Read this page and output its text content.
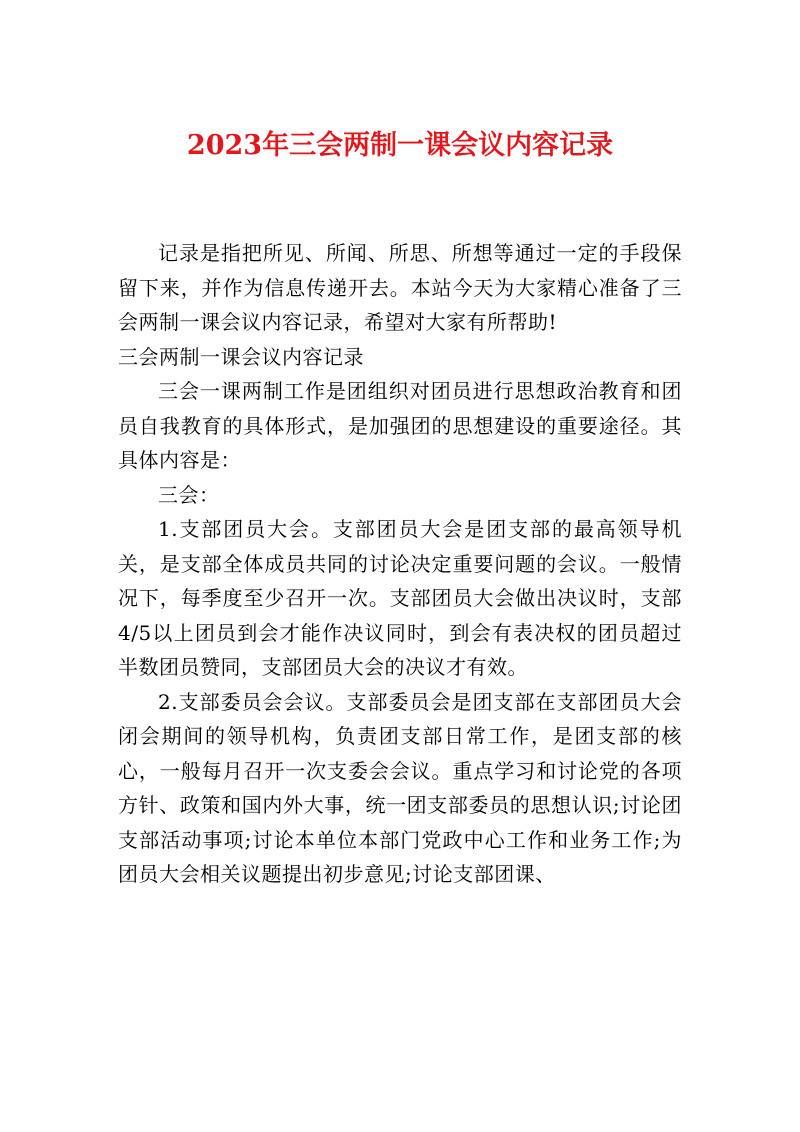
2023年三会两制一课会议内容记录

记录是指把所见、所闻、所思、所想等通过一定的手段保留下来，并作为信息传递开去。本站今天为大家精心准备了三会两制一课会议内容记录，希望对大家有所帮助!

三会两制一课会议内容记录

三会一课两制工作是团组织对团员进行思想政治教育和团员自我教育的具体形式，是加强团的思想建设的重要途径。其具体内容是：

三会：

1.支部团员大会。支部团员大会是团支部的最高领导机关，是支部全体成员共同的讨论决定重要问题的会议。一般情况下，每季度至少召开一次。支部团员大会做出决议时，支部4/5以上团员到会才能作决议同时，到会有表决权的团员超过半数团员赞同，支部团员大会的决议才有效。

2.支部委员会会议。支部委员会是团支部在支部团员大会闭会期间的领导机构，负责团支部日常工作，是团支部的核心，一般每月召开一次支委会会议。重点学习和讨论党的各项方针、政策和国内外大事，统一团支部委员的思想认识;讨论团支部活动事项;讨论本单位本部门党政中心工作和业务工作;为团员大会相关议题提出初步意见;讨论支部团课、
